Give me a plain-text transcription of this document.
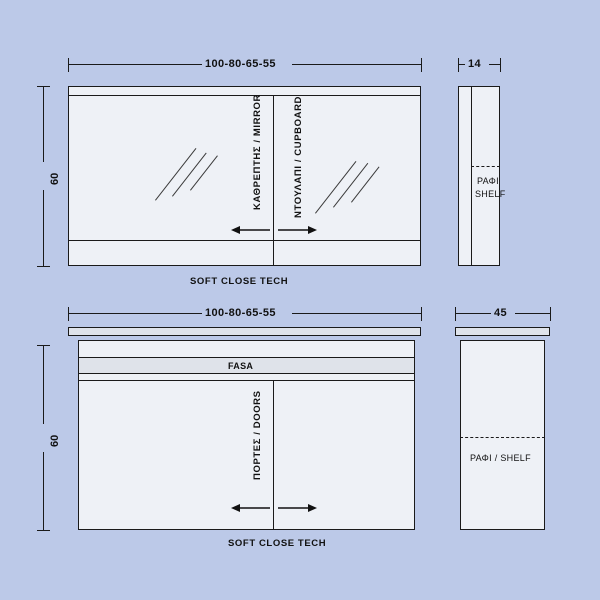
100-80-65-55
60	ΚΑΘΡΕΠΤΗΣ / MIRROR	ΝΤΟΥΛΑΠΙ / CUPBOARD
SOFT CLOSE TECH
14
ΡΑΦΙ
SHELF
100-80-65-55
60
FASA
ΠΟΡΤΕΣ / DOORS
SOFT CLOSE TECH
45
ΡΑΦΙ / SHELF
